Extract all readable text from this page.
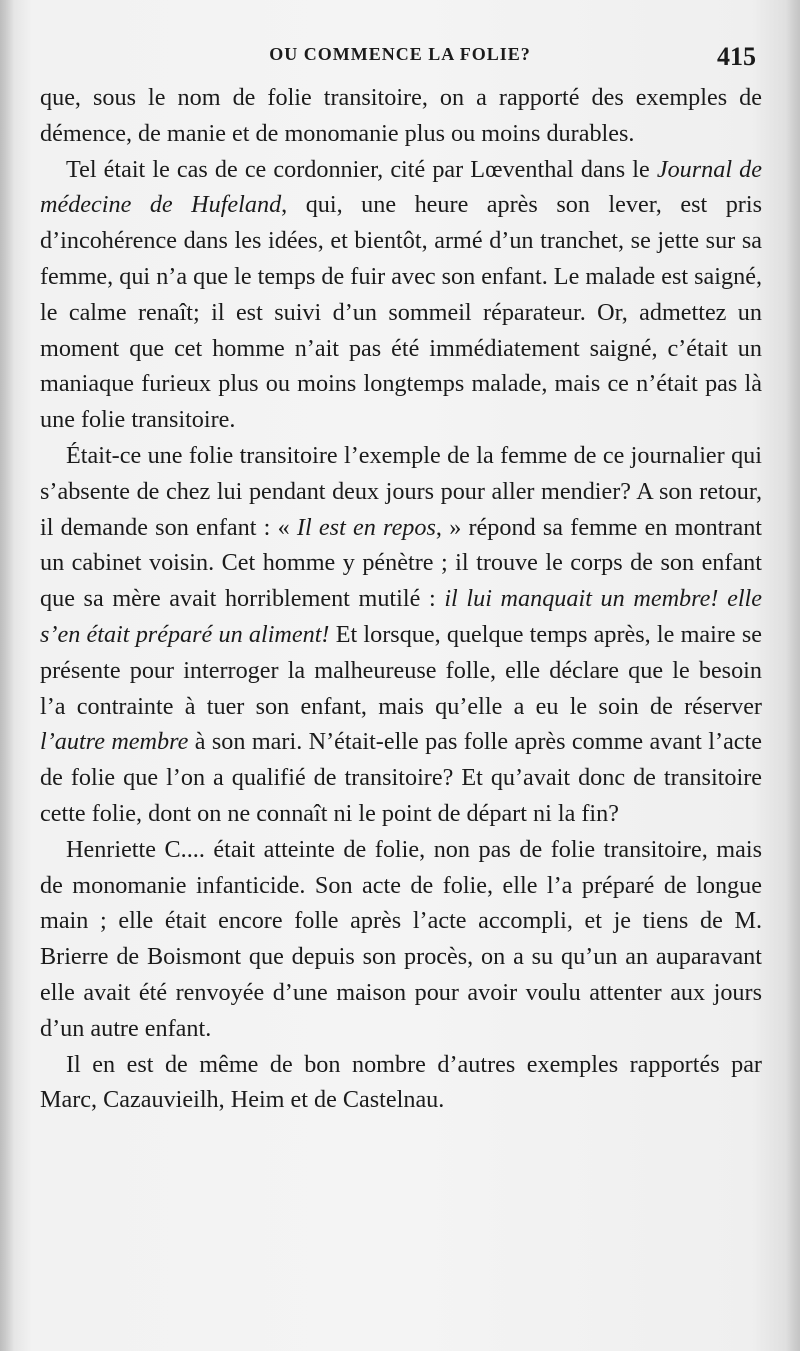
OU COMMENCE LA FOLIE?	415

que, sous le nom de folie transitoire, on a rapporté des exemples de démence, de manie et de monomanie plus ou moins durables.

Tel était le cas de ce cordonnier, cité par Lœventhal dans le Journal de médecine de Hufeland, qui, une heure après son lever, est pris d’incohérence dans les idées, et bientôt, armé d’un tranchet, se jette sur sa femme, qui n’a que le temps de fuir avec son enfant. Le malade est saigné, le calme renaît; il est suivi d’un sommeil réparateur. Or, admettez un moment que cet homme n’ait pas été immédiatement saigné, c’était un maniaque furieux plus ou moins longtemps malade, mais ce n’était pas là une folie transitoire.

Était-ce une folie transitoire l’exemple de la femme de ce journalier qui s’absente de chez lui pendant deux jours pour aller mendier? A son retour, il demande son enfant : « Il est en repos, » répond sa femme en montrant un cabinet voisin. Cet homme y pénètre ; il trouve le corps de son enfant que sa mère avait horriblement mutilé : il lui manquait un membre! elle s’en était préparé un aliment! Et lorsque, quelque temps après, le maire se présente pour interroger la malheureuse folle, elle déclare que le besoin l’a contrainte à tuer son enfant, mais qu’elle a eu le soin de réserver l’autre membre à son mari. N’était-elle pas folle après comme avant l’acte de folie que l’on a qualifié de transitoire? Et qu’avait donc de transitoire cette folie, dont on ne connaît ni le point de départ ni la fin?

Henriette C.... était atteinte de folie, non pas de folie transitoire, mais de monomanie infanticide. Son acte de folie, elle l’a préparé de longue main ; elle était encore folle après l’acte accompli, et je tiens de M. Brierre de Boismont que depuis son procès, on a su qu’un an auparavant elle avait été renvoyée d’une maison pour avoir voulu attenter aux jours d’un autre enfant.

Il en est de même de bon nombre d’autres exemples rapportés par Marc, Cazauvieilh, Heim et de Castelnau.
